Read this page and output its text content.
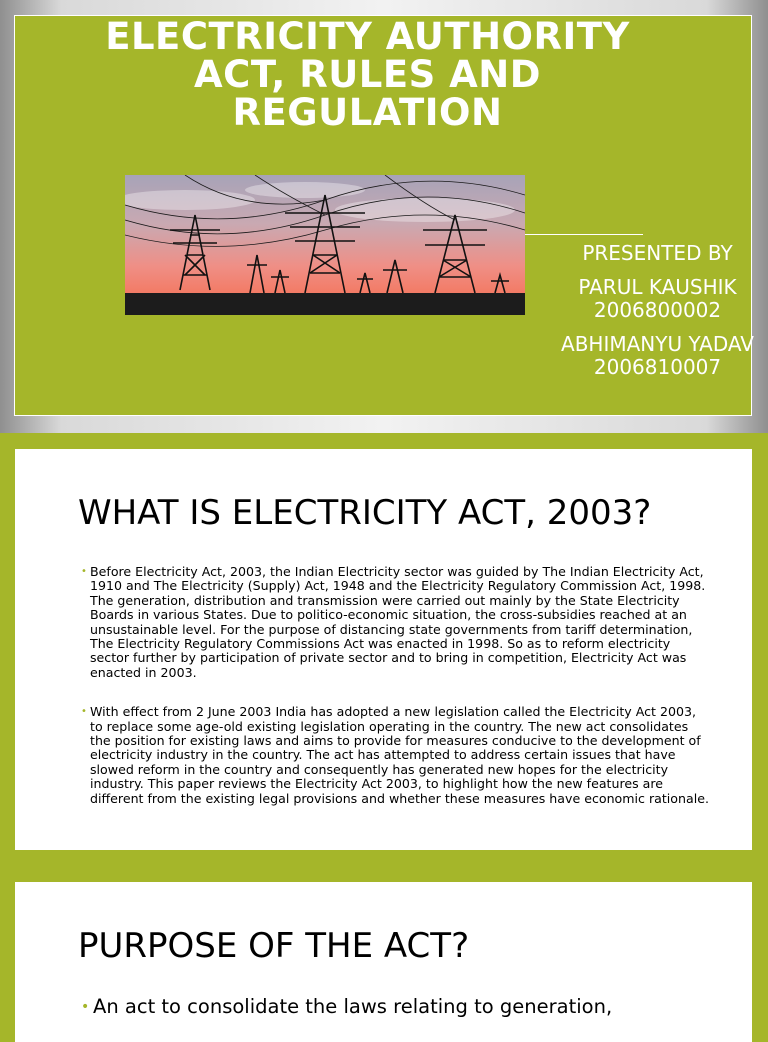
ELECTRICITY AUTHORITY
ACT, RULES AND
REGULATION
PRESENTED BY
PARUL KAUSHIK
2006800002
ABHIMANYU YADAV
2006810007
WHAT IS ELECTRICITY ACT, 2003?
• Before Electricity Act, 2003, the Indian Electricity sector was guided by The Indian Electricity Act, 1910 and The Electricity (Supply) Act, 1948 and the Electricity Regulatory Commission Act, 1998. The generation, distribution and transmission were carried out mainly by the State Electricity Boards in various States. Due to politico-economic situation, the cross-subsidies reached at an unsustainable level. For the purpose of distancing state governments from tariff determination, The Electricity Regulatory Commissions Act was enacted in 1998. So as to reform electricity sector further by participation of private sector and to bring in competition, Electricity Act was enacted in 2003.
• With effect from 2 June 2003 India has adopted a new legislation called the Electricity Act 2003, to replace some age-old existing legislation operating in the country. The new act consolidates the position for existing laws and aims to provide for measures conducive to the development of electricity industry in the country. The act has attempted to address certain issues that have slowed reform in the country and consequently has generated new hopes for the electricity industry. This paper reviews the Electricity Act 2003, to highlight how the new features are different from the existing legal provisions and whether these measures have economic rationale.
PURPOSE OF THE ACT?
• An act to consolidate the laws relating to generation,
